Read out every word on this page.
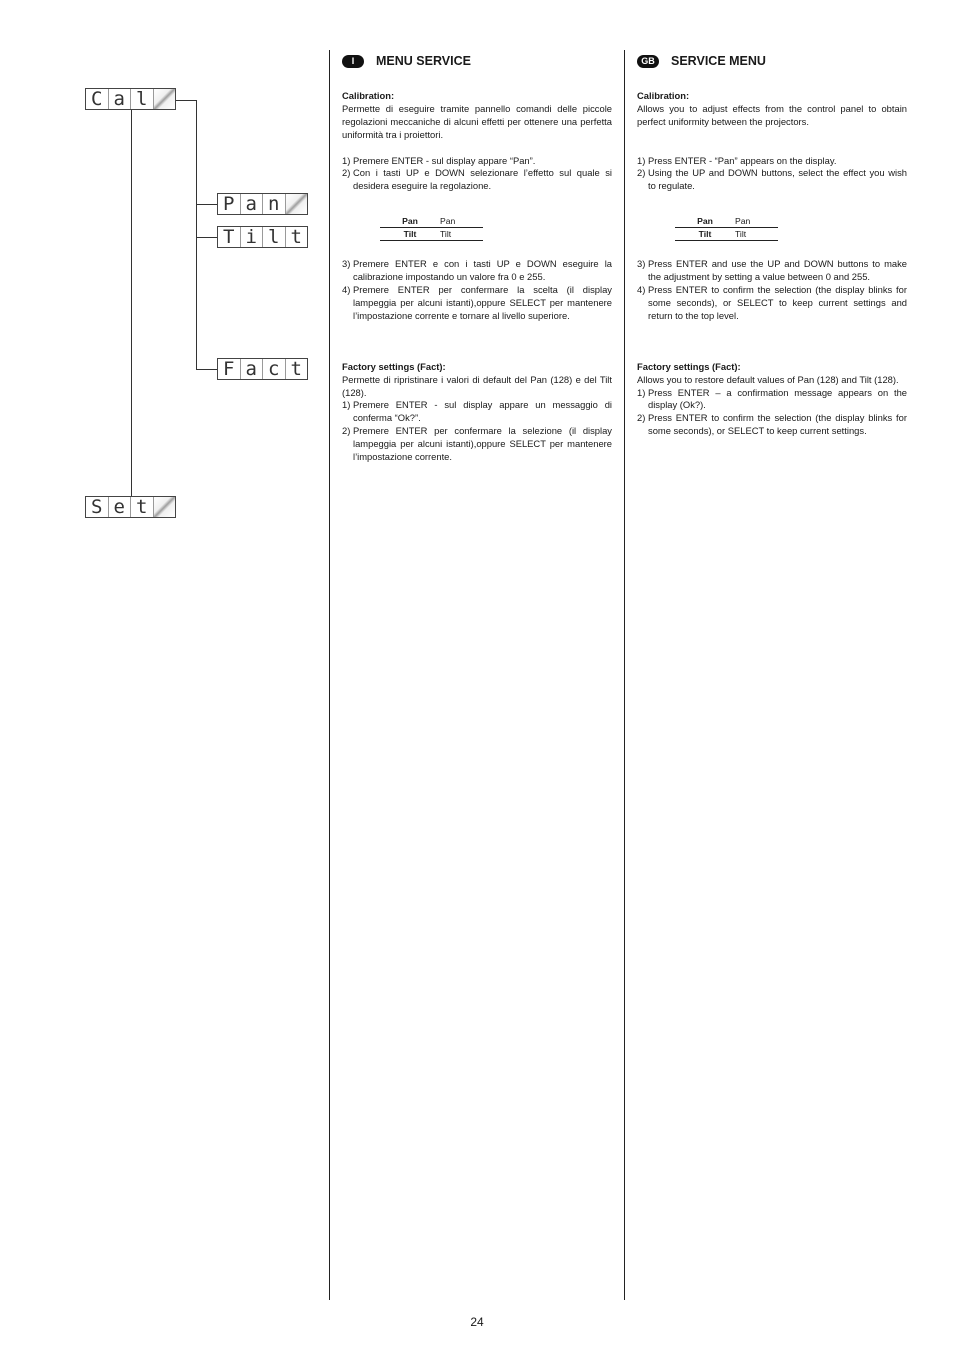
C a l
P a n
T i l t
F a c t
S e t
I	MENU SERVICE
Calibration:

Permette di eseguire tramite pannello comandi delle piccole regolazioni meccaniche di alcuni effetti per ottenere una perfetta uniformità tra i proiettori.

1) Premere ENTER - sul display appare “Pan”.
2) Con i tasti UP e DOWN selezionare l’effetto sul quale si desidera eseguire la regolazione.
Pan	Pan
Tilt	Tilt
3) Premere ENTER e con i tasti UP e DOWN eseguire la calibrazione impostando un valore fra 0 e 255.
4) Premere ENTER per confermare la scelta (il display lampeggia per alcuni istanti),oppure SELECT per mantenere l’impostazione corrente e tornare al livello superiore.
Factory settings (Fact):

Permette di ripristinare i valori di default del Pan (128) e del Tilt (128).

1) Premere ENTER - sul display appare un messaggio di conferma “Ok?”.
2) Premere ENTER per confermare la selezione (il display lampeggia per alcuni istanti),oppure SELECT per mantenere l’impostazione corrente.
GB	SERVICE MENU
Calibration:

Allows you to adjust effects from the control panel to obtain perfect uniformity between the projectors.

1) Press ENTER - “Pan” appears on the display.
2) Using the UP and DOWN buttons, select the effect you wish to regulate.
Pan	Pan
Tilt	Tilt
3) Press ENTER and use the UP and DOWN buttons to make the adjustment by setting a value between 0 and 255.
4) Press ENTER to confirm the selection (the display blinks for some seconds), or SELECT to keep current settings and return to the top level.
Factory settings (Fact):

Allows you to restore default values of Pan (128) and Tilt (128).

1) Press ENTER – a confirmation message appears on the display (Ok?).
2) Press ENTER to confirm the selection (the display blinks for some seconds), or SELECT to keep current settings.
24
